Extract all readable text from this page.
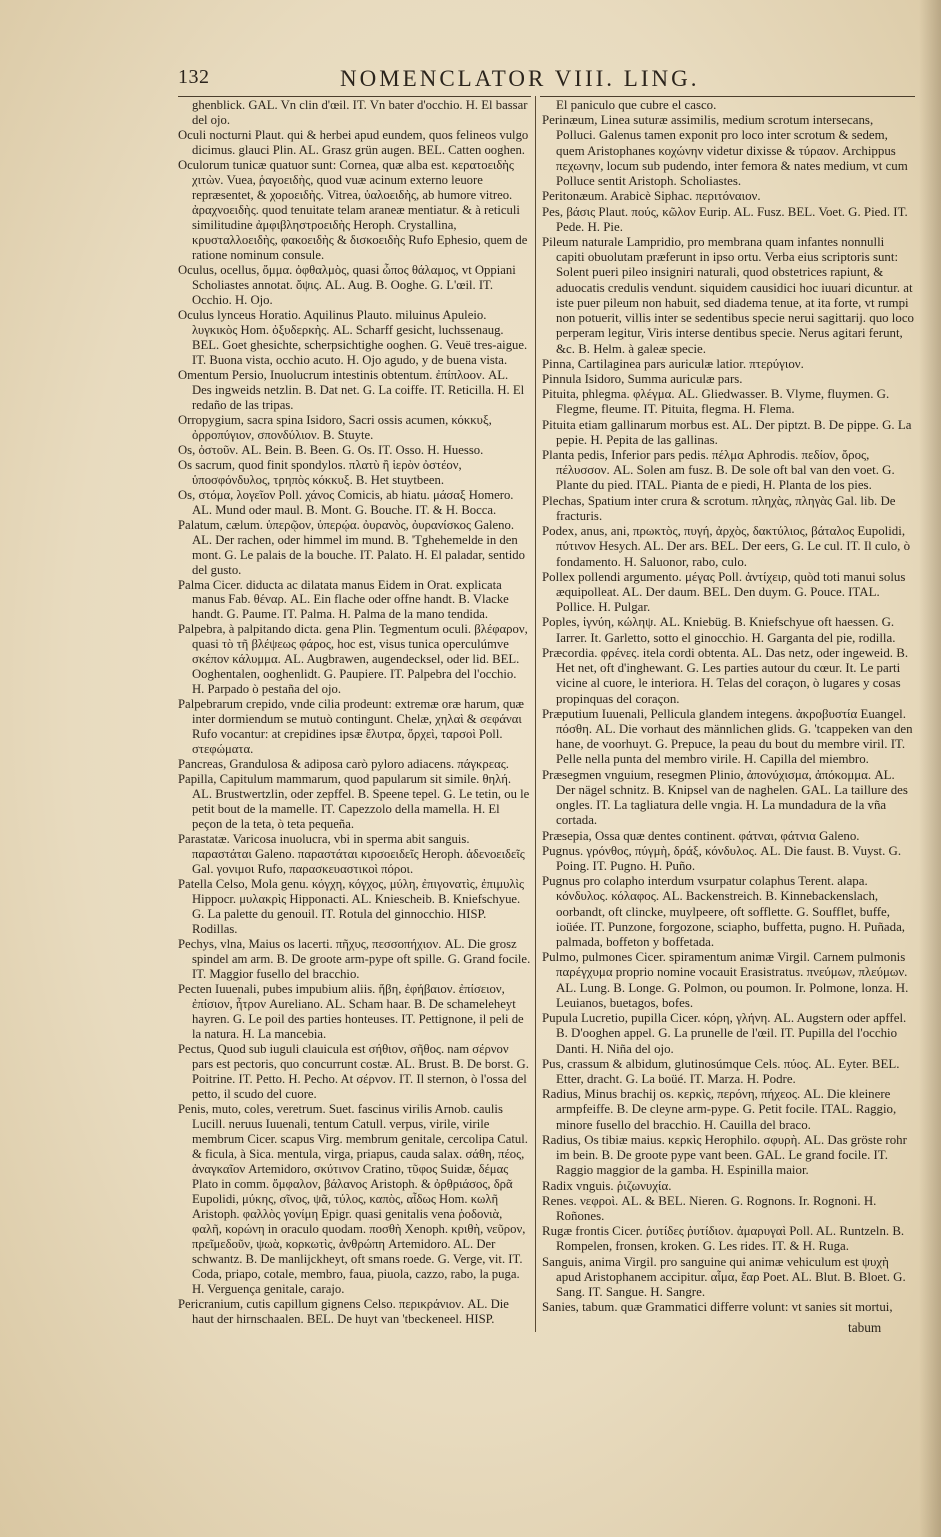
132	NOMENCLATOR VIII. LING.

ghenblick. GAL. Vn clin d'œil. IT. Vn bater d'occhio. H. El bassar del ojo.

Oculi nocturni Plaut. qui & herbei apud eundem, quos felineos vulgo dicimus. glauci Plin. AL. Grasz grün augen. BEL. Catten ooghen.

Oculorum tunicæ quatuor sunt: Cornea, quæ alba est. κερατοειδὴς χιτὼν. Vuea, ῥαγοειδὴς, quod vuæ acinum externo leuore repræsentet, & χοροειδὴς. Vitrea, ὑαλοειδὴς, ab humore vitreo. ἀραχνοειδὴς. quod tenuitate telam araneæ mentiatur. & à reticuli similitudine ἀμφιβληστροειδὴς Heroph. Crystallina, κρυσταλλοειδὴς, φακοειδὴς & δισκοειδὴς Rufo Ephesio, quem de ratione nominum consule.

Oculus, ocellus, ὄμμα. ὀφθαλμὸς, quasi ὦπος θάλαμος, vt Oppiani Scholiastes annotat. ὄψις. AL. Aug. B. Ooghe. G. L'œil. IT. Occhio. H. Ojo.

Oculus lynceus Horatio. Aquilinus Plauto. miluinus Apuleio. λυγκικὸς Hom. ὀξυδερκὴς. AL. Scharff gesicht, luchssenaug. BEL. Goet ghesichte, scherpsichtighe ooghen. G. Veuë tres-aigue. IT. Buona vista, occhio acuto. H. Ojo agudo, y de buena vista.

Omentum Persio, Inuolucrum intestinis obtentum. ἐπίπλοον. AL. Des ingweids netzlin. B. Dat net. G. La coiffe. IT. Reticilla. H. El redaño de las tripas.

Orropygium, sacra spina Isidoro, Sacri ossis acumen, κόκκυξ, ὀρροπύγιον, σπονδύλιον. B. Stuyte.

Os, ὀστοῦν. AL. Bein. B. Been. G. Os. IT. Osso. H. Huesso.

Os sacrum, quod finit spondylos. πλατὺ ἢ ἱερὸν ὀστέον, ὑποσφόνδυλος, τρηπὸς κόκκυξ. B. Het stuytbeen.

Os, στόμα, λογεῖον Poll. χάνος Comicis, ab hiatu. μάσαξ Homero. AL. Mund oder maul. B. Mont. G. Bouche. IT. & H. Bocca.

Palatum, cælum. ὑπερῷον, ὑπερῴα. ὀυρανὸς, ὀυρανίσκος Galeno. AL. Der rachen, oder himmel im mund. B. 'Tghehemelde in den mont. G. Le palais de la bouche. IT. Palato. H. El paladar, sentido del gusto.

Palma Cicer. diducta ac dilatata manus Eidem in Orat. explicata manus Fab. θέναρ. AL. Ein flache oder offne handt. B. Vlacke handt. G. Paume. IT. Palma. H. Palma de la mano tendida.

Palpebra, à palpitando dicta. gena Plin. Tegmentum oculi. βλέφαρον, quasi τὸ τῆ βλέψεως φάρος, hoc est, visus tunica operculúmve σκέπον κάλυμμα. AL. Augbrawen, augendecksel, oder lid. BEL. Ooghentalen, ooghenlidt. G. Paupiere. IT. Palpebra del l'occhio. H. Parpado ò pestaña del ojo.

Palpebrarum crepido, vnde cilia prodeunt: extremæ oræ harum, quæ inter dormiendum se mutuò contingunt. Chelæ, χηλαὶ & σεφάναι Rufo vocantur: at crepidines ipsæ ἔλυτρα, ὄρχεὶ, ταρσοὶ Poll. στεφώματα.

Pancreas, Grandulosa & adiposa carò pyloro adiacens. πάγκρεας.

Papilla, Capitulum mammarum, quod papularum sit simile. θηλή. AL. Brustwertzlin, oder zepffel. B. Speene tepel. G. Le tetin, ou le petit bout de la mamelle. IT. Capezzolo della mamella. H. El peçon de la teta, ò teta pequeña.

Parastatæ. Varicosa inuolucra, vbi in sperma abit sanguis. παραστάται Galeno. παραστάται κιρσοειδεῖς Heroph. ἀδενοειδεῖς Gal. γονιμοι Rufo, παρασκευαστικοὶ πόροι.

Patella Celso, Mola genu. κόγχη, κόγχος, μύλη, ἐπιγονατὶς, ἐπιμυλὶς Hippocr. μυλακρὶς Hipponacti. AL. Kniescheib. B. Kniefschyue. G. La palette du genouil. IT. Rotula del ginnocchio. HISP. Rodillas.

Pechys, vlna, Maius os lacerti. πῆχυς, πεσσοπήχιον. AL. Die grosz spindel am arm. B. De groote arm-pype oft spille. G. Grand focile. IT. Maggior fusello del bracchio.

Pecten Iuuenali, pubes impubium aliis. ἥβη, ἐφήβαιον. ἐπίσειον, ἐπίσιον, ἦτρον Aureliano. AL. Scham haar. B. De schameleheyt hayren. G. Le poil des parties honteuses. IT. Pettignone, il peli de la natura. H. La mancebia.

Pectus, Quod sub iuguli clauicula est σήθιον, σῆθος. nam σέρνον pars est pectoris, quo concurrunt costæ. AL. Brust. B. De borst. G. Poitrine. IT. Petto. H. Pecho. At σέρνον. IT. Il sternon, ò l'ossa del petto, il scudo del cuore.

Penis, muto, coles, veretrum. Suet. fascinus virilis Arnob. caulis Lucill. neruus Iuuenali, tentum Catull. verpus, virile, virile membrum Cicer. scapus Virg. membrum genitale, cercolipa Catul. & ficula, à Sica. mentula, virga, priapus, cauda salax. σάθη, πέος, ἀναγκαῖον Artemidoro, σκύτινον Cratino, τῦφος Suidæ, δέμας Plato in comm. ὄμφαλον, βάλανος Aristoph. & ὀρθριάσος, δρᾶ Eupolidi, μύκης, σῖνος, ψᾶ, τύλος, καπὸς, αἶδως Hom. κωλῆ Aristoph. φαλλὸς γονίμη Epigr. quasi genitalis vena ῥοδονιὰ, φαλῆ, κορώνη in oraculo quodam. ποσθὴ Xenoph. κριθὴ, νεῦρον, πρεῖμεδοῦν, ψωὰ, κορκωτὶς, ἀνθρώπη Artemidoro. AL. Der schwantz. B. De manlijckheyt, oft smans roede. G. Verge, vit. IT. Coda, priapo, cotale, membro, faua, piuola, cazzo, rabo, la puga. H. Verguença genitale, carajo.

Pericranium, cutis capillum gignens Celso. περικράνιον. AL. Die haut der hirnschaalen. BEL. De huyt van 'tbeckeneel. HISP.

El paniculo que cubre el casco.

Perinæum, Linea suturæ assimilis, medium scrotum intersecans, Polluci. Galenus tamen exponit pro loco inter scrotum & sedem, quem Aristophanes κοχώνην videtur dixisse & τύραον. Archippus πεχωνην, locum sub pudendo, inter femora & nates medium, vt cum Polluce sentit Aristoph. Scholiastes.

Peritonæum. Arabicè Siphac. περιτόναιον.

Pes, βάσις Plaut. πούς, κῶλον Eurip. AL. Fusz. BEL. Voet. G. Pied. IT. Pede. H. Pie.

Pileum naturale Lampridio, pro membrana quam infantes nonnulli capiti obuolutam præferunt in ipso ortu. Verba eius scriptoris sunt: Solent pueri pileo insigniri naturali, quod obstetrices rapiunt, & aduocatis credulis vendunt. siquidem causidici hoc iuuari dicuntur. at iste puer pileum non habuit, sed diadema tenue, at ita forte, vt rumpi non potuerit, villis inter se sedentibus specie nerui sagittarij. quo loco perperam legitur, Viris interse dentibus specie. Nerus agitari ferunt, &c. B. Helm. à galeæ specie.

Pinna, Cartilaginea pars auriculæ latior. πτερύγιον.

Pinnula Isidoro, Summa auriculæ pars.

Pituita, phlegma. φλέγμα. AL. Gliedwasser. B. Vlyme, fluymen. G. Flegme, fleume. IT. Pituita, flegma. H. Flema.

Pituita etiam gallinarum morbus est. AL. Der piptzt. B. De pippe. G. La pepie. H. Pepita de las gallinas.

Planta pedis, Inferior pars pedis. πέλμα Aphrodis. πεδίον, ὄρος, πέλυσσον. AL. Solen am fusz. B. De sole oft bal van den voet. G. Plante du pied. ITAL. Pianta de e piedi, H. Planta de los pies.

Plechas, Spatium inter crura & scrotum. πληχὰς, πληγὰς Gal. lib. De fracturis.

Podex, anus, ani, πρωκτὸς, πυγή, ἀρχὸς, δακτύλιος, βάταλος Eupolidi, πύτινον Hesych. AL. Der ars. BEL. Der eers, G. Le cul. IT. Il culo, ò fondamento. H. Saluonor, rabo, culo.

Pollex pollendi argumento. μέγας Poll. ἀντίχειρ, quòd toti manui solus æquipolleat. AL. Der daum. BEL. Den duym. G. Pouce. ITAL. Pollice. H. Pulgar.

Poples, ἰγνύη, κώληψ. AL. Kniebüg. B. Kniefschyue oft haessen. G. Iarrer. It. Garletto, sotto el ginocchio. H. Garganta del pie, rodilla.

Præcordia. φρένες. itela cordi obtenta. AL. Das netz, oder ingeweid. B. Het net, oft d'inghewant. G. Les parties autour du cœur. It. Le parti vicine al cuore, le interiora. H. Telas del coraçon, ò lugares y cosas propinquas del coraçon.

Præputium Iuuenali, Pellicula glandem integens. ἀκροβυστία Euangel. πόσθη. AL. Die vorhaut des männlichen glids. G. 'tcappeken van den hane, de voorhuyt. G. Prepuce, la peau du bout du membre viril. IT. Pelle nella punta del membro virile. H. Capilla del miembro.

Præsegmen vnguium, resegmen Plinio, ἀπονύχισμα, ἀπόκομμα. AL. Der nägel schnitz. B. Knipsel van de naghelen. GAL. La taillure des ongles. IT. La tagliatura delle vngia. H. La mundadura de la vña cortada.

Præsepia, Ossa quæ dentes continent. φάτναι, φάτνια Galeno.

Pugnus. γρόνθος, πύγμὴ, δράξ, κόνδυλος. AL. Die faust. B. Vuyst. G. Poing. IT. Pugno. H. Puño.

Pugnus pro colapho interdum vsurpatur colaphus Terent. alapa. κόνδυλος. κόλαφος. AL. Backenstreich. B. Kinnebackenslach, oorbandt, oft clincke, muylpeere, oft sofflette. G. Soufflet, buffe, ioüée. IT. Punzone, forgozone, sciapho, buffetta, pugno. H. Puñada, palmada, boffeton y boffetada.

Pulmo, pulmones Cicer. spiramentum animæ Virgil. Carnem pulmonis παρέγχυμα proprio nomine vocauit Erasistratus. πνεύμων, πλεύμων. AL. Lung. B. Longe. G. Polmon, ou poumon. Ir. Polmone, lonza. H. Leuianos, buetagos, bofes.

Pupula Lucretio, pupilla Cicer. κόρη, γλήνη. AL. Augstern oder apffel. B. D'ooghen appel. G. La prunelle de l'œil. IT. Pupilla del l'occhio Danti. H. Niña del ojo.

Pus, crassum & albidum, glutinosúmque Cels. πύος. AL. Eyter. BEL. Etter, dracht. G. La boüé. IT. Marza. H. Podre.

Radius, Minus brachij os. κερκὶς, περόνη, πήχεος. AL. Die kleinere armpfeiffe. B. De cleyne arm-pype. G. Petit focile. ITAL. Raggio, minore fusello del bracchio. H. Cauilla del braco.

Radius, Os tibiæ maius. κερκὶς Herophilo. σφυρὴ. AL. Das gröste rohr im bein. B. De groote pype vant been. GAL. Le grand focile. IT. Raggio maggior de la gamba. H. Espinilla maior.

Radix vnguis. ῥιζωνυχία.

Renes. νεφροὶ. AL. & BEL. Nieren. G. Rognons. Ir. Rognoni. H. Roñones.

Rugæ frontis Cicer. ῥυτίδες ῥυτίδιον. ἀμαρυγαὶ Poll. AL. Runtzeln. B. Rompelen, fronsen, kroken. G. Les rides. IT. & H. Ruga.

Sanguis, anima Virgil. pro sanguine qui animæ vehiculum est ψυχὴ apud Aristophanem accipitur. αἷμα, ἔαρ Poet. AL. Blut. B. Bloet. G. Sang. IT. Sangue. H. Sangre.

Sanies, tabum. quæ Grammatici differre volunt: vt sanies sit mortui,

tabum
